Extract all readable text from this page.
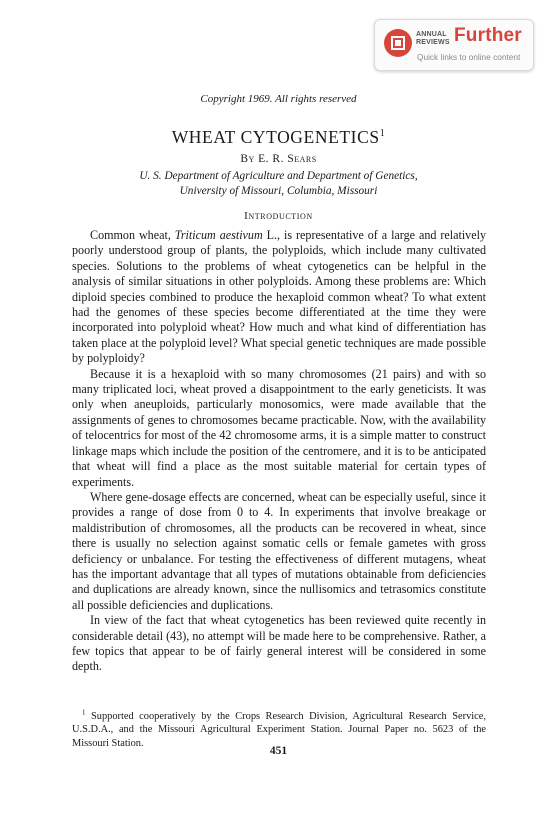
ANNUAL
REVIEWS Further
Quick links to online content
Copyright 1969. All rights reserved
WHEAT CYTOGENETICS$^1$
By E. R. Sears
U. S. Department of Agriculture and Department of Genetics,
University of Missouri, Columbia, Missouri
Introduction

Common wheat, Triticum aestivum L., is representative of a large and relatively poorly understood group of plants, the polyploids, which include many cultivated species. Solutions to the problems of wheat cytogenetics can be helpful in the analysis of similar situations in other polyploids. Among these problems are: Which diploid species combined to produce the hexaploid common wheat? To what extent had the genomes of these species become differentiated at the time they were incorporated into polyploid wheat? How much and what kind of differentiation has taken place at the polyploid level? What special genetic techniques are made possible by polyploidy?

Because it is a hexaploid with so many chromosomes (21 pairs) and with so many triplicated loci, wheat proved a disappointment to the early geneticists. It was only when aneuploids, particularly monosomics, were made available that the assignments of genes to chromosomes became practicable. Now, with the availability of telocentrics for most of the 42 chromosome arms, it is a simple matter to construct linkage maps which include the position of the centromere, and it is to be anticipated that wheat will find a place as the most suitable material for certain types of experiments.

Where gene-dosage effects are concerned, wheat can be especially useful, since it provides a range of dose from 0 to 4. In experiments that involve breakage or maldistribution of chromosomes, all the products can be recovered in wheat, since there is usually no selection against somatic cells or female gametes with gross deficiency or unbalance. For testing the effectiveness of different mutagens, wheat has the important advantage that all types of mutations obtainable from deficiencies and duplications are already known, since the nullisomics and tetrasomics constitute all possible deficiencies and duplications.

In view of the fact that wheat cytogenetics has been reviewed quite recently in considerable detail (43), no attempt will be made here to be comprehensive. Rather, a few topics that appear to be of fairly general interest will be considered in some depth.

$^1$ Supported cooperatively by the Crops Research Division, Agricultural Research Service, U.S.D.A., and the Missouri Agricultural Experiment Station. Journal Paper no. 5623 of the Missouri Station.

451
